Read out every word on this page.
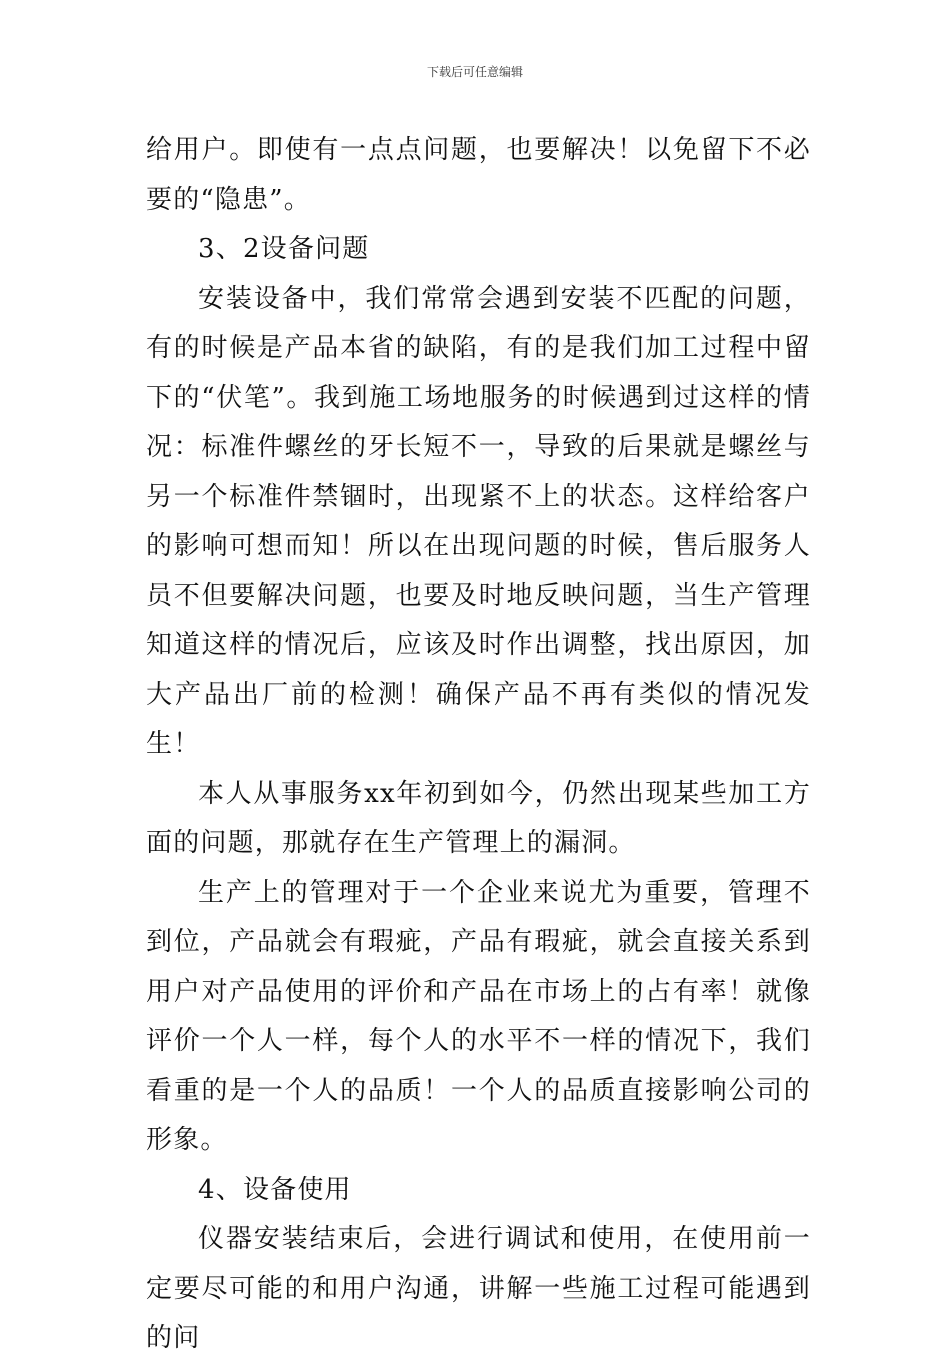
下载后可任意编辑

给用户。即使有一点点问题，也要解决！以免留下不必要的“隐患”。

3、2设备问题

安装设备中，我们常常会遇到安装不匹配的问题，有的时候是产品本省的缺陷，有的是我们加工过程中留下的“伏笔”。我到施工场地服务的时候遇到过这样的情况：标准件螺丝的牙长短不一，导致的后果就是螺丝与另一个标准件禁锢时，出现紧不上的状态。这样给客户的影响可想而知！所以在出现问题的时候，售后服务人员不但要解决问题，也要及时地反映问题，当生产管理知道这样的情况后，应该及时作出调整，找出原因，加大产品出厂前的检测！确保产品不再有类似的情况发生！

本人从事服务xx年初到如今，仍然出现某些加工方面的问题，那就存在生产管理上的漏洞。

生产上的管理对于一个企业来说尤为重要，管理不到位，产品就会有瑕疵，产品有瑕疵，就会直接关系到用户对产品使用的评价和产品在市场上的占有率！就像评价一个人一样，每个人的水平不一样的情况下，我们看重的是一个人的品质！一个人的品质直接影响公司的形象。

4、设备使用

仪器安装结束后，会进行调试和使用，在使用前一定要尽可能的和用户沟通，讲解一些施工过程可能遇到的问
